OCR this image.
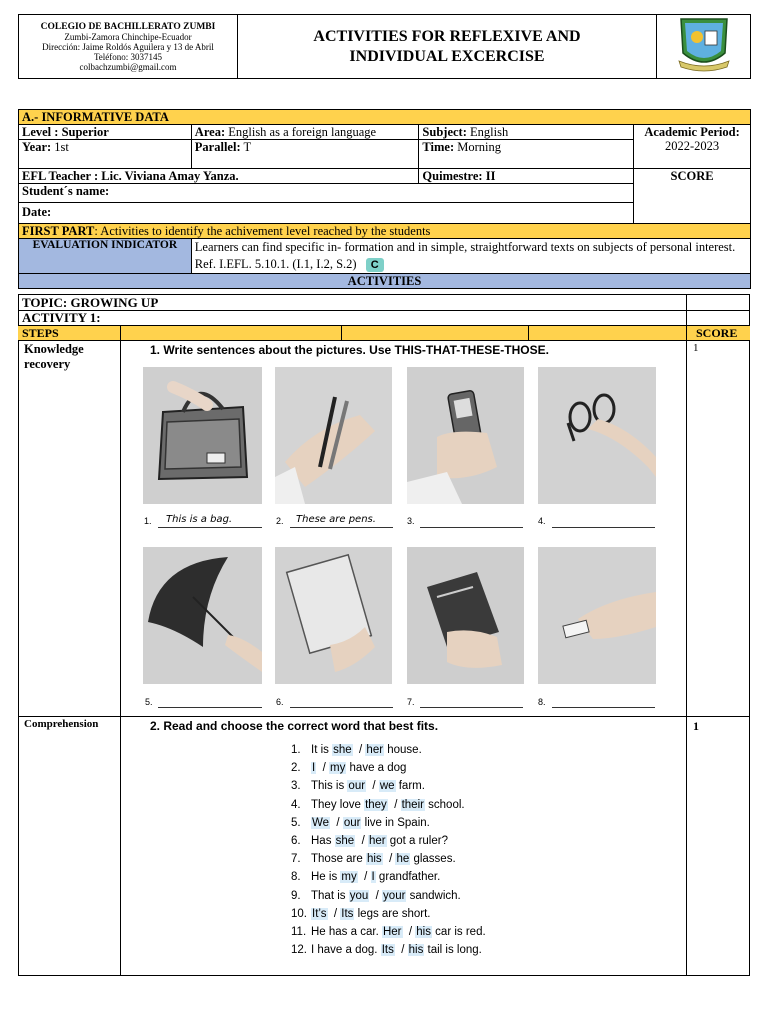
COLEGIO DE BACHILLERATO ZUMBI
Zumbi-Zamora Chinchipe-Ecuador
Dirección: Jaime Roldós Aguilera y 13 de Abril
Teléfono: 3037145
colbachzumbi@gmail.com	ACTIVITIES FOR REFLEXIVE AND
INDIVIDUAL EXCERCISE	
A.- INFORMATIVE DATA			
Level : Superior	Area: English as a foreign language	Subject: English	Academic Period:
2022-2023
Year: 1st	Parallel: T	Time: Morning	
EFL Teacher : Lic. Viviana Amay Yanza.		Quimestre: II	SCORE
Student´s name:			
Date:			
FIRST PART: Activities to identify the achivement level reached by the students			
EVALUATION INDICATOR	Learners can find specific in- formation and in simple, straightforward texts on subjects of personal interest.
Ref. I.EFL. 5.10.1. (I.1, I.2, S.2) C		
ACTIVITIES			
TOPIC: GROWING UP
ACTIVITY 1:
STEPS	SCORE
Knowledge recovery
1. Write sentences about the pictures. Use THIS-THAT-THESE-THOSE.	1
1. This is a bag.	2. These are pens.	3.	4.
5.	6.	7.	8.
Comprehension	2. Read and choose the correct word that best fits.	1
1. It is she  / her house.
2. I  / my have a dog
3. This is our  / we farm.
4. They love they  / their school.
5. We  / our live in Spain.
6. Has she  / her got a ruler?
7. Those are his  / he glasses.
8. He is my  / I grandfather.
9. That is you  / your sandwich.
10. It’s  / Its legs are short.
11. He has a car. Her  / his car is red.
12. I have a dog. Its  / his tail is long.
